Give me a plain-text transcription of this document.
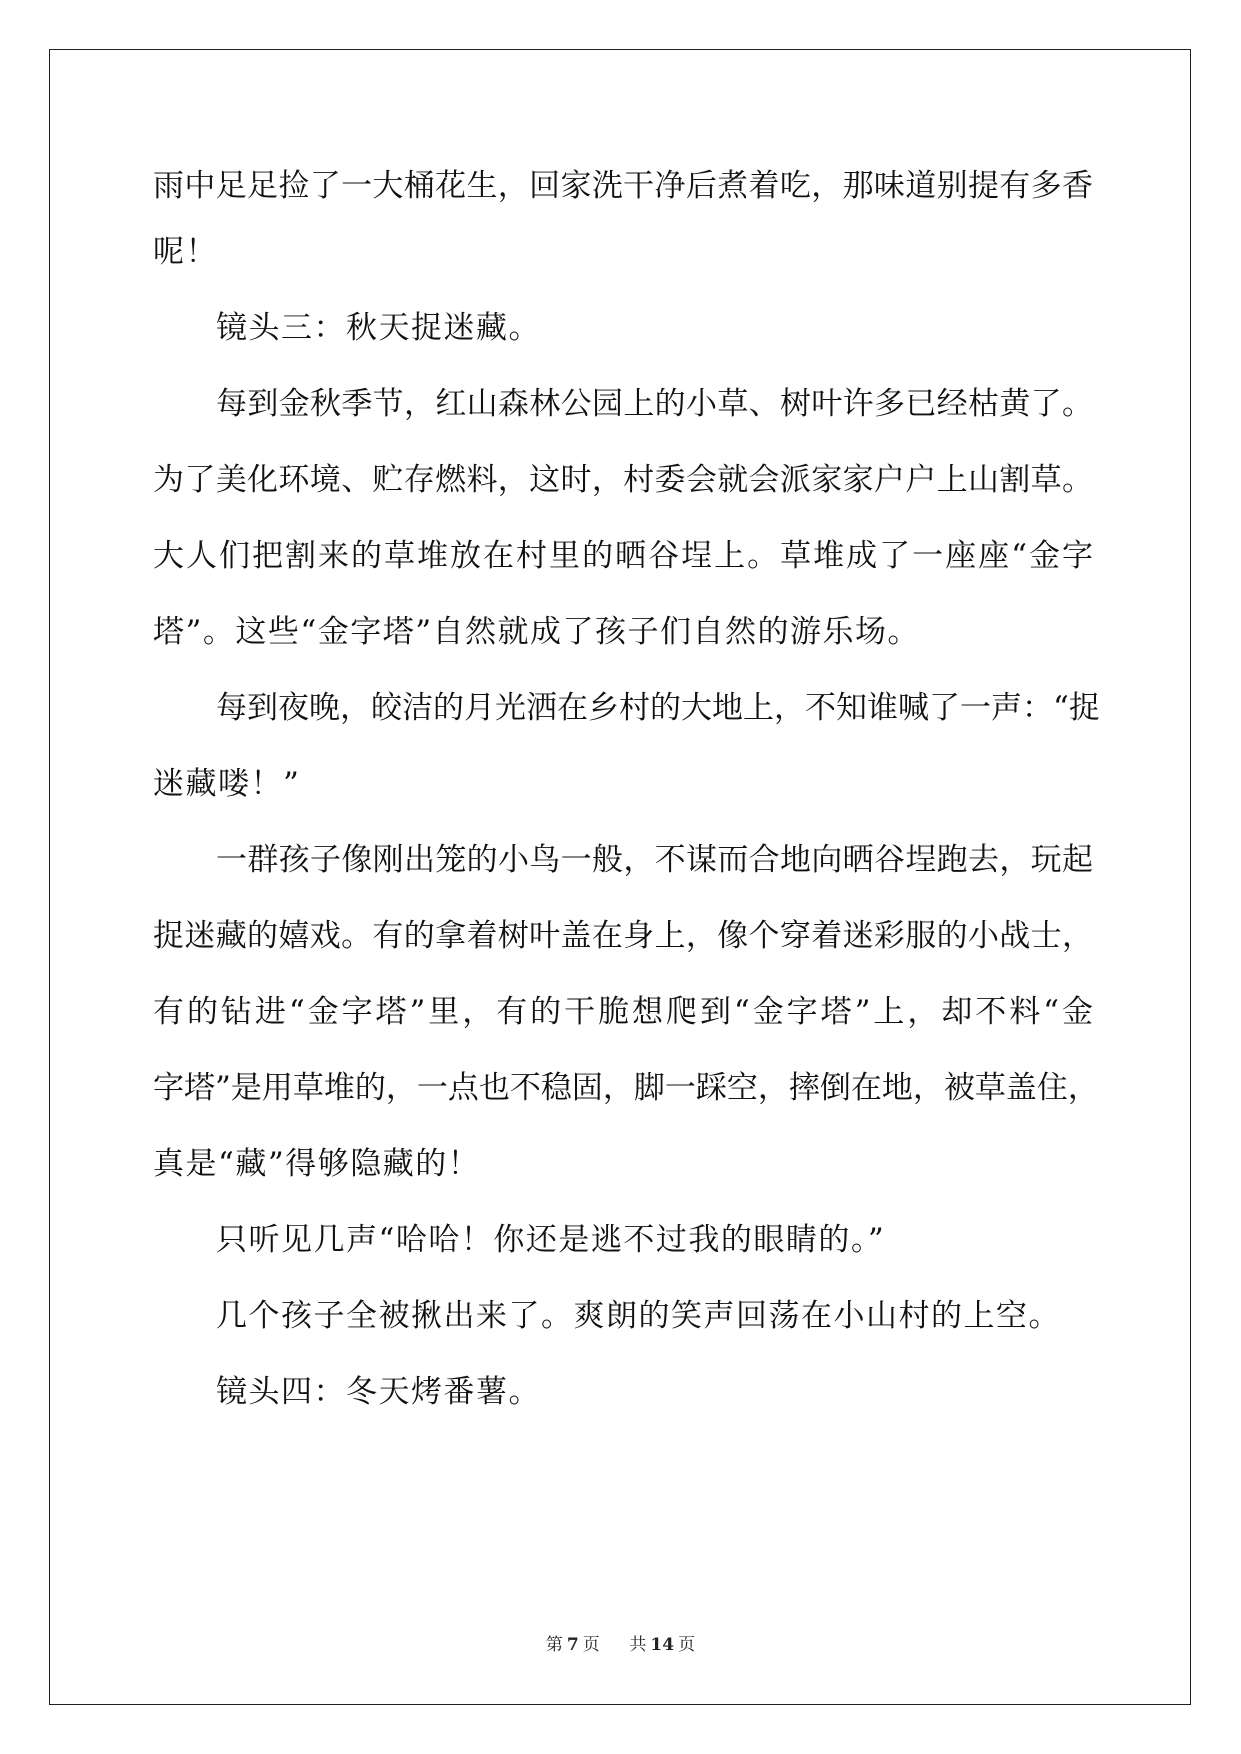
雨中足足捡了一大桶花生，回家洗干净后煮着吃，那味道别提有多香
呢！
镜头三：秋天捉迷藏。
每到金秋季节，红山森林公园上的小草、树叶许多已经枯黄了。
为了美化环境、贮存燃料，这时，村委会就会派家家户户上山割草。
大人们把割来的草堆放在村里的晒谷埕上。草堆成了一座座“金字
塔”。这些“金字塔”自然就成了孩子们自然的游乐场。
每到夜晚，皎洁的月光洒在乡村的大地上，不知谁喊了一声：“捉
迷藏喽！”
一群孩子像刚出笼的小鸟一般，不谋而合地向晒谷埕跑去，玩起
捉迷藏的嬉戏。有的拿着树叶盖在身上，像个穿着迷彩服的小战士，
有的钻进“金字塔”里，有的干脆想爬到“金字塔”上，却不料“金
字塔”是用草堆的，一点也不稳固，脚一踩空，摔倒在地，被草盖住，
真是“藏”得够隐藏的！
只听见几声“哈哈！你还是逃不过我的眼睛的。”
几个孩子全被揪出来了。爽朗的笑声回荡在小山村的上空。
镜头四：冬天烤番薯。
第 7 页 共 14 页
